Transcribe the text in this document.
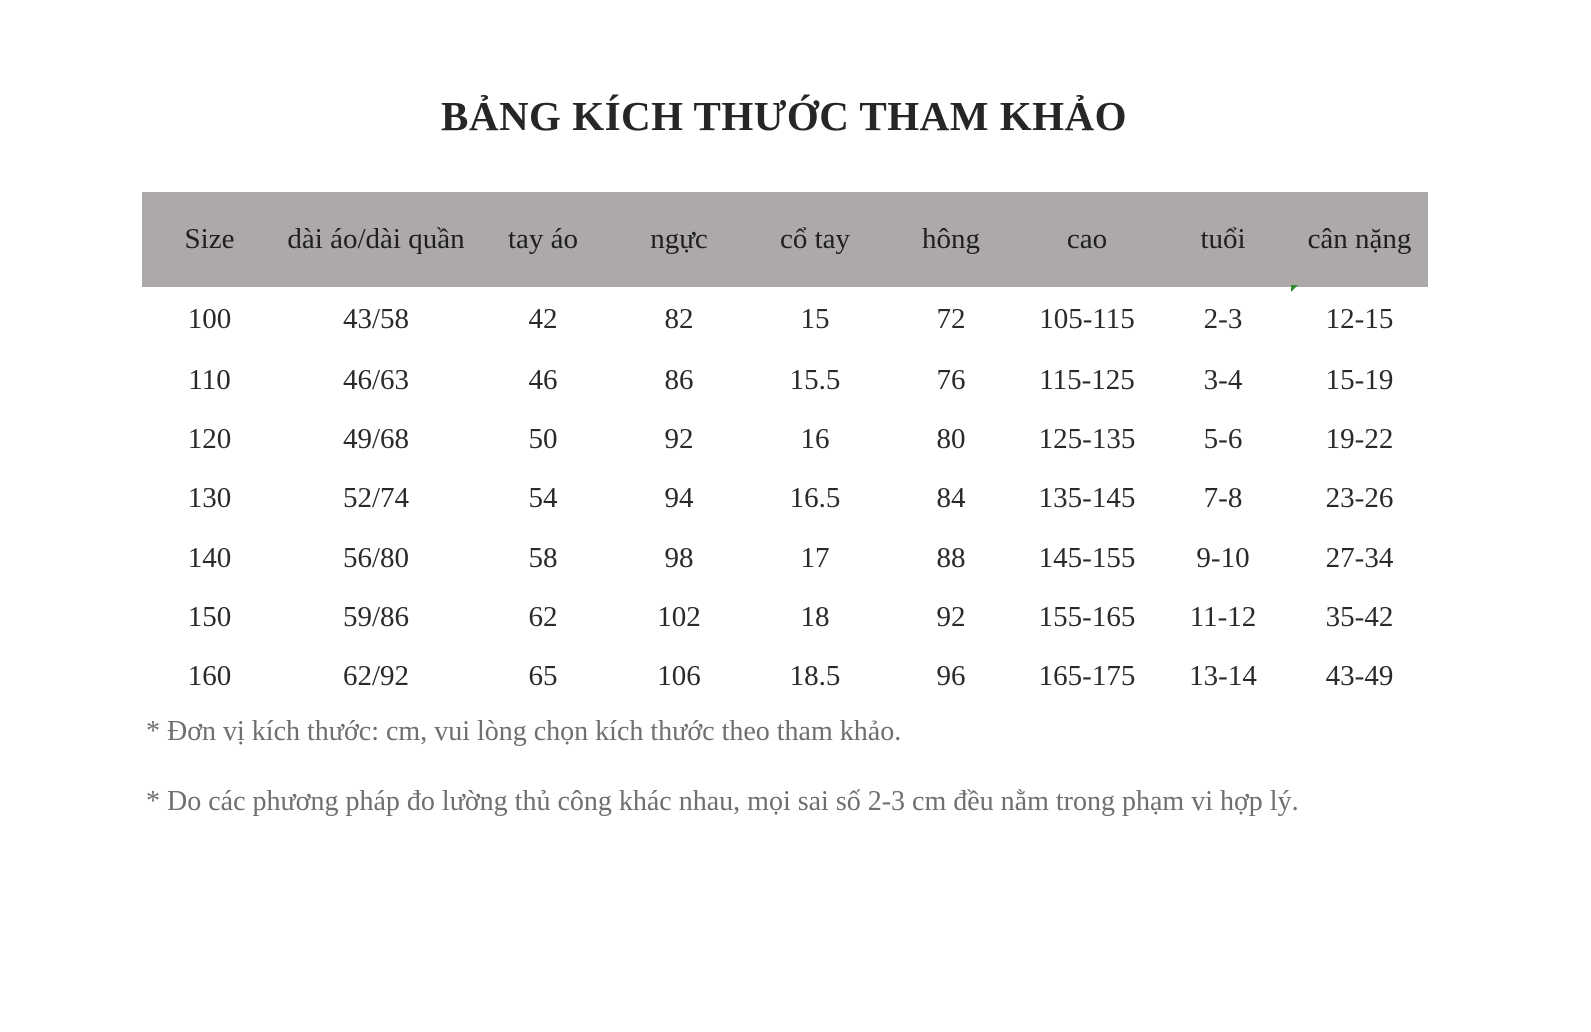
BẢNG KÍCH THƯỚC THAM KHẢO
Size	dài áo/dài quần	tay áo	ngực	cổ tay	hông	cao	tuổi	cân nặng
100	43/58	42	82	15	72	105-115	2-3	12-15
110	46/63	46	86	15.5	76	115-125	3-4	15-19
120	49/68	50	92	16	80	125-135	5-6	19-22
130	52/74	54	94	16.5	84	135-145	7-8	23-26
140	56/80	58	98	17	88	145-155	9-10	27-34
150	59/86	62	102	18	92	155-165	11-12	35-42
160	62/92	65	106	18.5	96	165-175	13-14	43-49
* Đơn vị kích thước: cm, vui lòng chọn kích thước theo tham khảo.
* Do các phương pháp đo lường thủ công khác nhau, mọi sai số 2-3 cm đều nằm trong phạm vi hợp lý.
